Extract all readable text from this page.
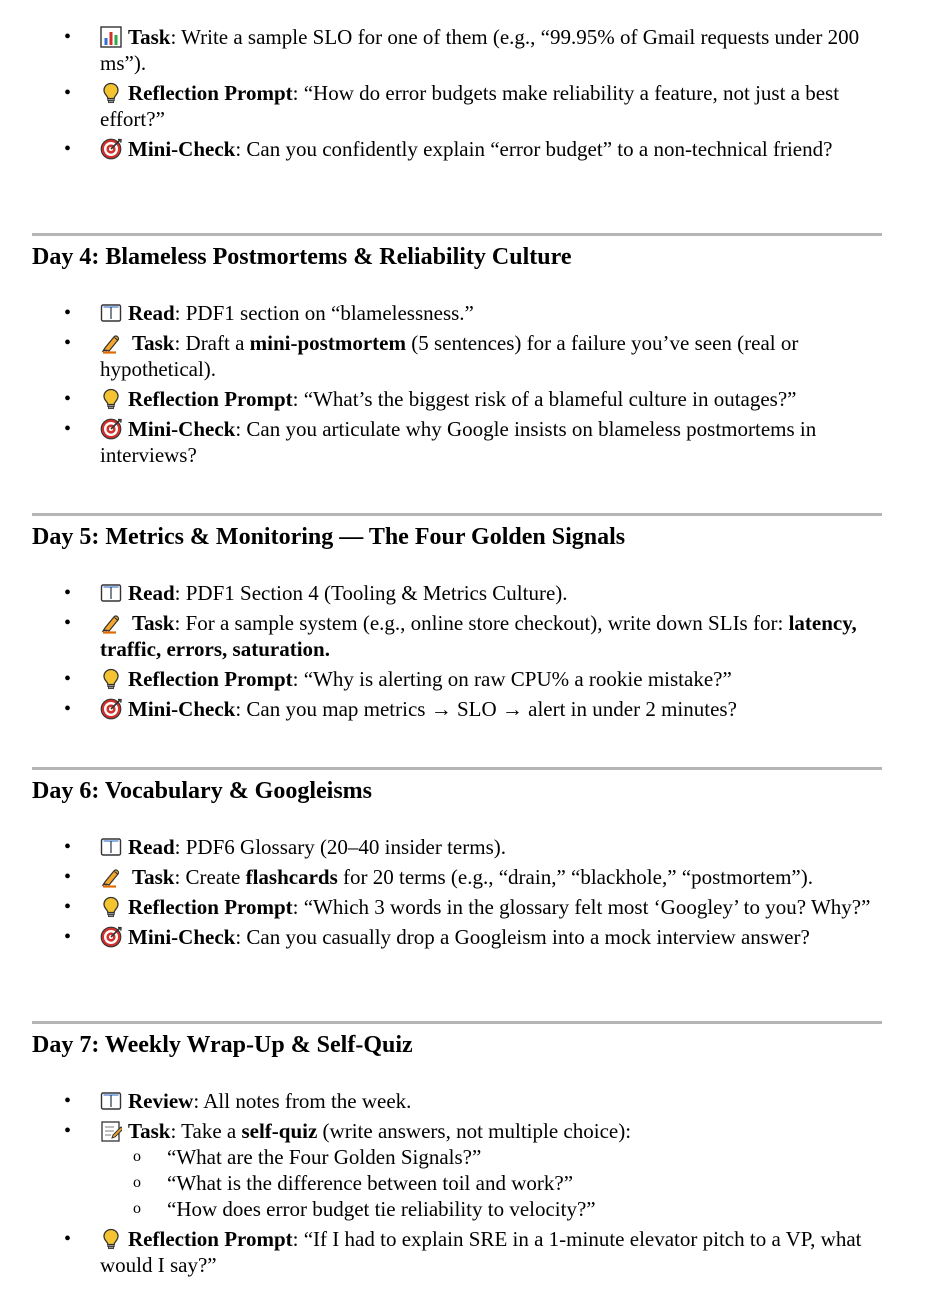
• Task: Write a sample SLO for one of them (e.g., “99.95% of Gmail requests under 200 ms”).
• Reflection Prompt: “How do error budgets make reliability a feature, not just a best effort?”
• Mini-Check: Can you confidently explain “error budget” to a non-technical friend?
Day 4: Blameless Postmortems & Reliability Culture
• Read: PDF1 section on “blamelessness.”
• Task: Draft a mini-postmortem (5 sentences) for a failure you’ve seen (real or hypothetical).
• Reflection Prompt: “What’s the biggest risk of a blameful culture in outages?”
• Mini-Check: Can you articulate why Google insists on blameless postmortems in interviews?
Day 5: Metrics & Monitoring — The Four Golden Signals
• Read: PDF1 Section 4 (Tooling & Metrics Culture).
• Task: For a sample system (e.g., online store checkout), write down SLIs for: latency, traffic, errors, saturation.
• Reflection Prompt: “Why is alerting on raw CPU% a rookie mistake?”
• Mini-Check: Can you map metrics → SLO → alert in under 2 minutes?
Day 6: Vocabulary & Googleisms
• Read: PDF6 Glossary (20–40 insider terms).
• Task: Create flashcards for 20 terms (e.g., “drain,” “blackhole,” “postmortem”).
• Reflection Prompt: “Which 3 words in the glossary felt most ‘Googley’ to you? Why?”
• Mini-Check: Can you casually drop a Googleism into a mock interview answer?
Day 7: Weekly Wrap-Up & Self-Quiz
• Review: All notes from the week.
• Task: Take a self-quiz (write answers, not multiple choice):
o “What are the Four Golden Signals?”
o “What is the difference between toil and work?”
o “How does error budget tie reliability to velocity?”
• Reflection Prompt: “If I had to explain SRE in a 1-minute elevator pitch to a VP, what would I say?”
